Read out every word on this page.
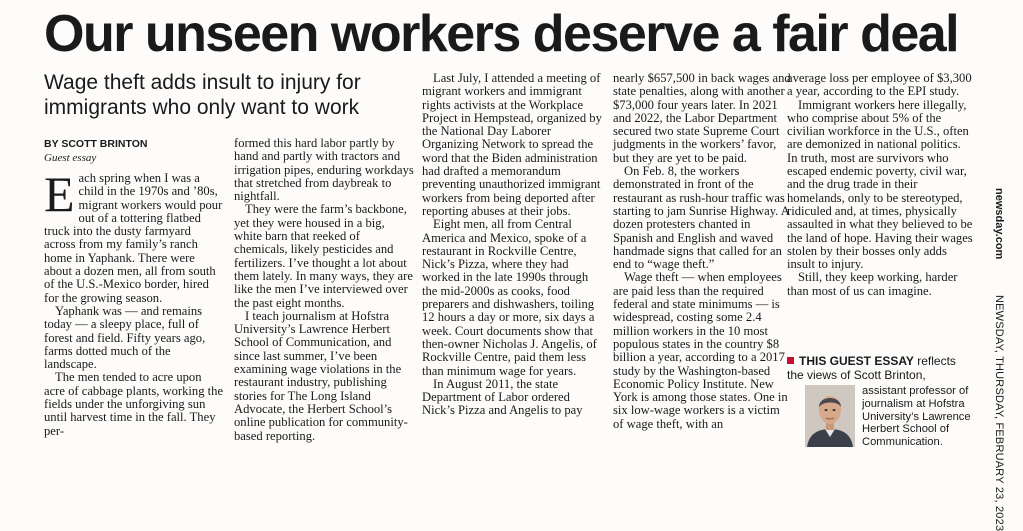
Our unseen workers deserve a fair deal
Wage theft adds insult to injury for immigrants who only want to work
BY SCOTT BRINTON
Guest essay

Each spring when I was a child in the 1970s and ’80s, migrant workers would pour out of a tottering flatbed truck into the dusty farmyard across from my family’s ranch home in Yaphank. There were about a dozen men, all from south of the U.S.-Mexico border, hired for the growing season.

Yaphank was — and remains today — a sleepy place, full of forest and field. Fifty years ago, farms dotted much of the landscape.

The men tended to acre upon acre of cabbage plants, working the fields under the unforgiving sun until harvest time in the fall. They per-

formed this hard labor partly by hand and partly with tractors and irrigation pipes, enduring workdays that stretched from daybreak to nightfall.

They were the farm’s backbone, yet they were housed in a big, white barn that reeked of chemicals, likely pesticides and fertilizers. I’ve thought a lot about them lately. In many ways, they are like the men I’ve interviewed over the past eight months.

I teach journalism at Hofstra University’s Lawrence Herbert School of Communication, and since last summer, I’ve been examining wage violations in the restaurant industry, publishing stories for The Long Island Advocate, the Herbert School’s online publication for community-based reporting.

Last July, I attended a meeting of migrant workers and immigrant rights activists at the Workplace Project in Hempstead, organized by the National Day Laborer Organizing Network to spread the word that the Biden administration had drafted a memorandum preventing unauthorized immigrant workers from being deported after reporting abuses at their jobs.

Eight men, all from Central America and Mexico, spoke of a restaurant in Rockville Centre, Nick’s Pizza, where they had worked in the late 1990s through the mid-2000s as cooks, food preparers and dishwashers, toiling 12 hours a day or more, six days a week. Court documents show that then-owner Nicholas J. Angelis, of Rockville Centre, paid them less than minimum wage for years.

In August 2011, the state Department of Labor ordered Nick’s Pizza and Angelis to pay

nearly $657,500 in back wages and state penalties, along with another $73,000 four years later. In 2021 and 2022, the Labor Department secured two state Supreme Court judgments in the workers’ favor, but they are yet to be paid.

On Feb. 8, the workers demonstrated in front of the restaurant as rush-hour traffic was starting to jam Sunrise Highway. A dozen protesters chanted in Spanish and English and waved handmade signs that called for an end to “wage theft.”

Wage theft — when employees are paid less than the required federal and state minimums — is widespread, costing some 2.4 million workers in the 10 most populous states in the country $8 billion a year, according to a 2017 study by the Washington-based Economic Policy Institute. New York is among those states. One in six low-wage workers is a victim of wage theft, with an

average loss per employee of $3,300 a year, according to the EPI study.

Immigrant workers here illegally, who comprise about 5% of the civilian workforce in the U.S., often are demonized in national politics. In truth, most are survivors who escaped endemic poverty, civil war, and the drug trade in their homelands, only to be stereotyped, ridiculed and, at times, physically assaulted in what they believed to be the land of hope. Having their wages stolen by their bosses only adds insult to injury.

Still, they keep working, harder than most of us can imagine.

THIS GUEST ESSAY reflects the views of Scott Brinton,
assistant professor of journalism at Hofstra University’s Lawrence Herbert School of Communication.
newsday.com
NEWSDAY, THURSDAY, FEBRUARY 23, 2023
